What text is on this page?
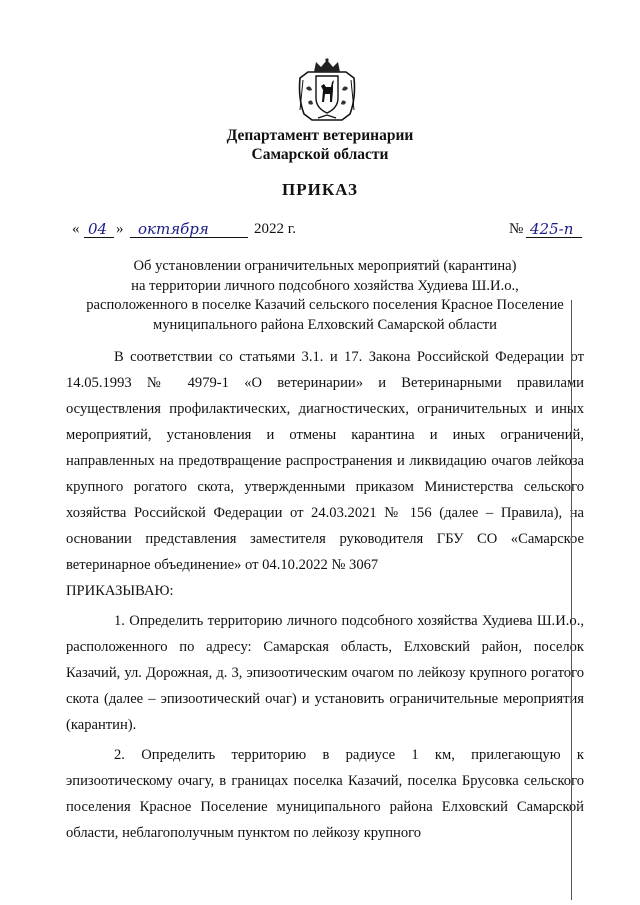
Департамент ветеринарии
Самарской области
ПРИКАЗ
« 04 » октября	2022 г.	№ 425-п
Об установлении ограничительных мероприятий (карантина)
на территории личного подсобного хозяйства Худиева Ш.И.о.,
расположенного в поселке Казачий сельского поселения Красное Поселение
муниципального района Елховский Самарской области

В соответствии со статьями 3.1. и 17. Закона Российской Федерации от 14.05.1993 № 4979-1 «О ветеринарии» и Ветеринарными правилами осуществления профилактических, диагностических, ограничительных и иных мероприятий, установления и отмены карантина и иных ограничений, направленных на предотвращение распространения и ликвидацию очагов лейкоза крупного рогатого скота, утвержденными приказом Министерства сельского хозяйства Российской Федерации от 24.03.2021 № 156 (далее – Правила), на основании представления заместителя руководителя ГБУ СО «Самарское ветеринарное объединение» от 04.10.2022 № 3067

ПРИКАЗЫВАЮ:

1. Определить территорию личного подсобного хозяйства Худиева Ш.И.о., расположенного по адресу: Самарская область, Елховский район, поселок Казачий, ул. Дорожная, д. 3, эпизоотическим очагом по лейкозу крупного рогатого скота (далее – эпизоотический очаг) и установить ограничительные мероприятия (карантин).

2. Определить территорию в радиусе 1 км, прилегающую к эпизоотическому очагу, в границах поселка Казачий, поселка Брусовка сельского поселения Красное Поселение муниципального района Елховский Самарской области, неблагополучным пунктом по лейкозу крупного
